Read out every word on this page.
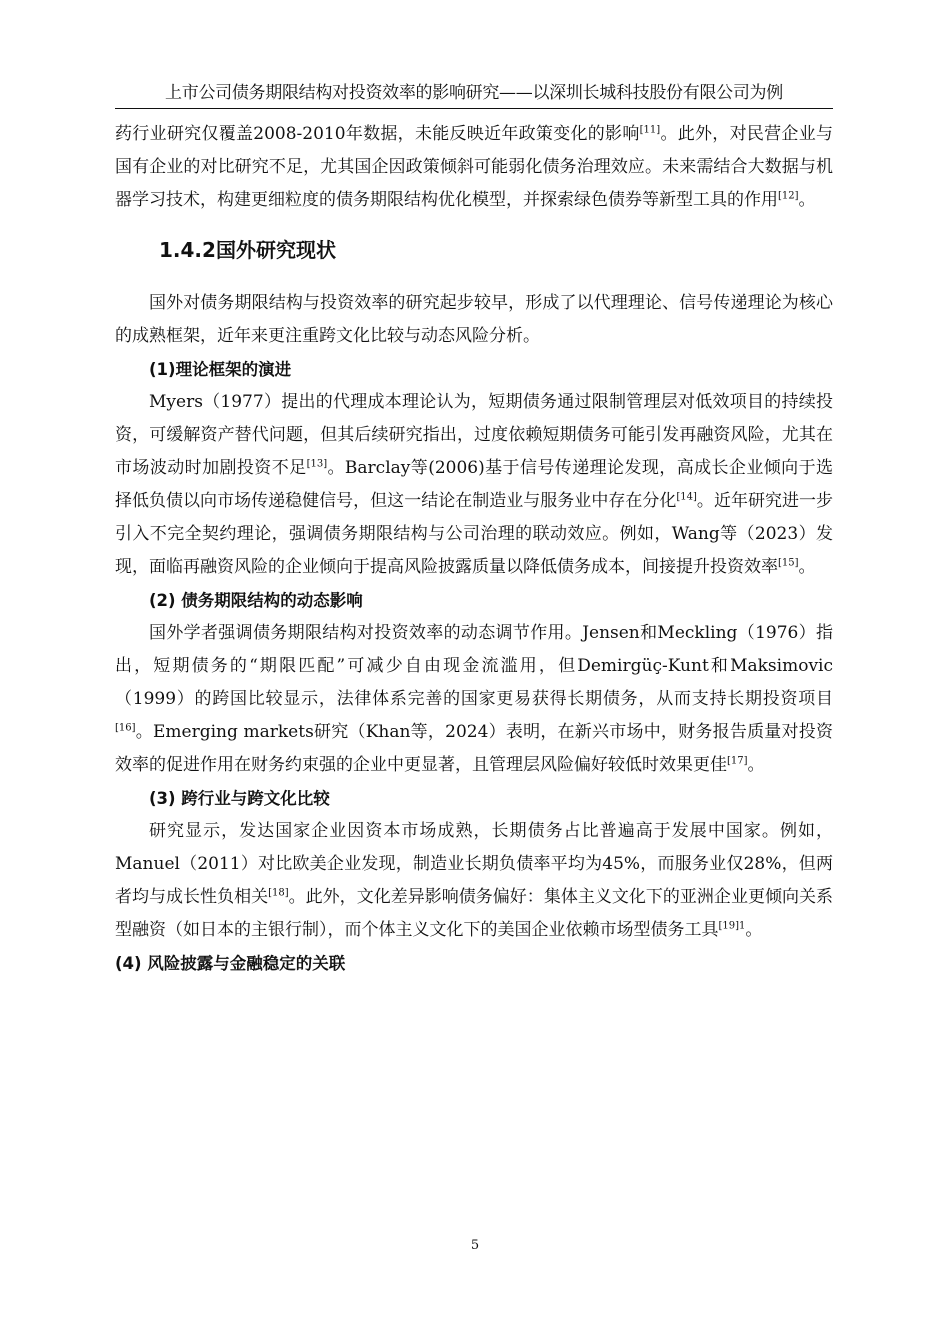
上市公司债务期限结构对投资效率的影响研究——以深圳长城科技股份有限公司为例

药行业研究仅覆盖2008-2010年数据，未能反映近年政策变化的影响[11]。此外，对民营企业与国有企业的对比研究不足，尤其国企因政策倾斜可能弱化债务治理效应。未来需结合大数据与机器学习技术，构建更细粒度的债务期限结构优化模型，并探索绿色债券等新型工具的作用[12]。

1.4.2国外研究现状

国外对债务期限结构与投资效率的研究起步较早，形成了以代理理论、信号传递理论为核心的成熟框架，近年来更注重跨文化比较与动态风险分析。

(1)理论框架的演进

Myers（1977）提出的代理成本理论认为，短期债务通过限制管理层对低效项目的持续投资，可缓解资产替代问题，但其后续研究指出，过度依赖短期债务可能引发再融资风险，尤其在市场波动时加剧投资不足[13]。Barclay等(2006)基于信号传递理论发现，高成长企业倾向于选择低负债以向市场传递稳健信号，但这一结论在制造业与服务业中存在分化[14]。近年研究进一步引入不完全契约理论，强调债务期限结构与公司治理的联动效应。例如，Wang等（2023）发现，面临再融资风险的企业倾向于提高风险披露质量以降低债务成本，间接提升投资效率[15]。

(2) 债务期限结构的动态影响

国外学者强调债务期限结构对投资效率的动态调节作用。Jensen和Meckling（1976）指出，短期债务的“期限匹配”可减少自由现金流滥用，但Demirgüç-Kunt和Maksimovic（1999）的跨国比较显示，法律体系完善的国家更易获得长期债务，从而支持长期投资项目[16]。Emerging markets研究（Khan等，2024）表明，在新兴市场中，财务报告质量对投资效率的促进作用在财务约束强的企业中更显著，且管理层风险偏好较低时效果更佳[17]。

(3) 跨行业与跨文化比较

研究显示，发达国家企业因资本市场成熟，长期债务占比普遍高于发展中国家。例如，Manuel（2011）对比欧美企业发现，制造业长期负债率平均为45%，而服务业仅28%，但两者均与成长性负相关[18]。此外，文化差异影响债务偏好：集体主义文化下的亚洲企业更倾向关系型融资（如日本的主银行制），而个体主义文化下的美国企业依赖市场型债务工具$^{[19]1}$。

(4) 风险披露与金融稳定的关联
5
